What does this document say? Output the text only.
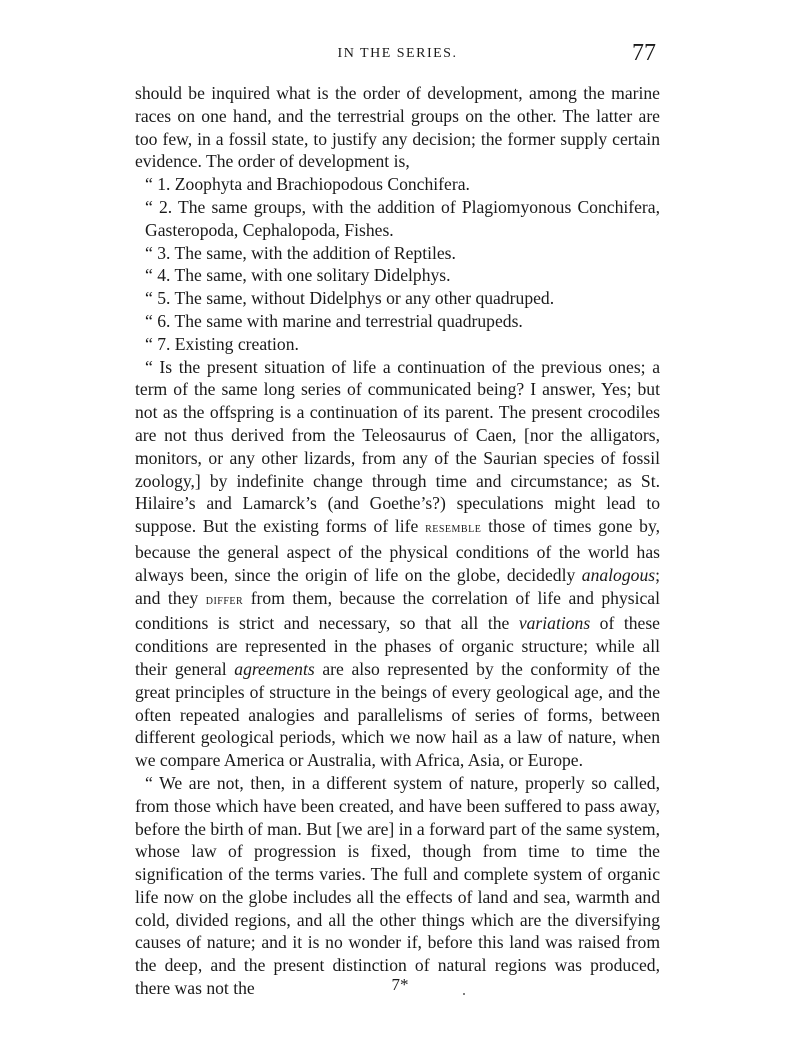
IN THE SERIES.	77

should be inquired what is the order of development, among the marine races on one hand, and the terrestrial groups on the other. The latter are too few, in a fossil state, to justify any decision; the former supply certain evidence. The order of development is,

“ 1. Zoophyta and Brachiopodous Conchifera.

“ 2. The same groups, with the addition of Plagiomyonous Conchifera, Gasteropoda, Cephalopoda, Fishes.

“ 3. The same, with the addition of Reptiles.

“ 4. The same, with one solitary Didelphys.

“ 5. The same, without Didelphys or any other quadruped.

“ 6. The same with marine and terrestrial quadrupeds.

“ 7. Existing creation.

“ Is the present situation of life a continuation of the previous ones; a term of the same long series of communicated being? I answer, Yes; but not as the offspring is a continuation of its parent. The present crocodiles are not thus derived from the Teleosaurus of Caen, [nor the alligators, monitors, or any other lizards, from any of the Saurian species of fossil zoology,] by indefinite change through time and circumstance; as St. Hilaire’s and Lamarck’s (and Goethe’s?) speculations might lead to suppose. But the existing forms of life resemble those of times gone by, because the general aspect of the physical conditions of the world has always been, since the origin of life on the globe, decidedly analogous; and they differ from them, because the correlation of life and physical conditions is strict and necessary, so that all the variations of these conditions are represented in the phases of organic structure; while all their general agreements are also represented by the conformity of the great principles of structure in the beings of every geological age, and the often repeated analogies and parallelisms of series of forms, between different geological periods, which we now hail as a law of nature, when we compare America or Australia, with Africa, Asia, or Europe.

“ We are not, then, in a different system of nature, properly so called, from those which have been created, and have been suffered to pass away, before the birth of man. But [we are] in a forward part of the same system, whose law of progression is fixed, though from time to time the signification of the terms varies. The full and complete system of organic life now on the globe includes all the effects of land and sea, warmth and cold, divided regions, and all the other things which are the diversifying causes of nature; and it is no wonder if, before this land was raised from the deep, and the present distinction of natural regions was produced, there was not the	7*
